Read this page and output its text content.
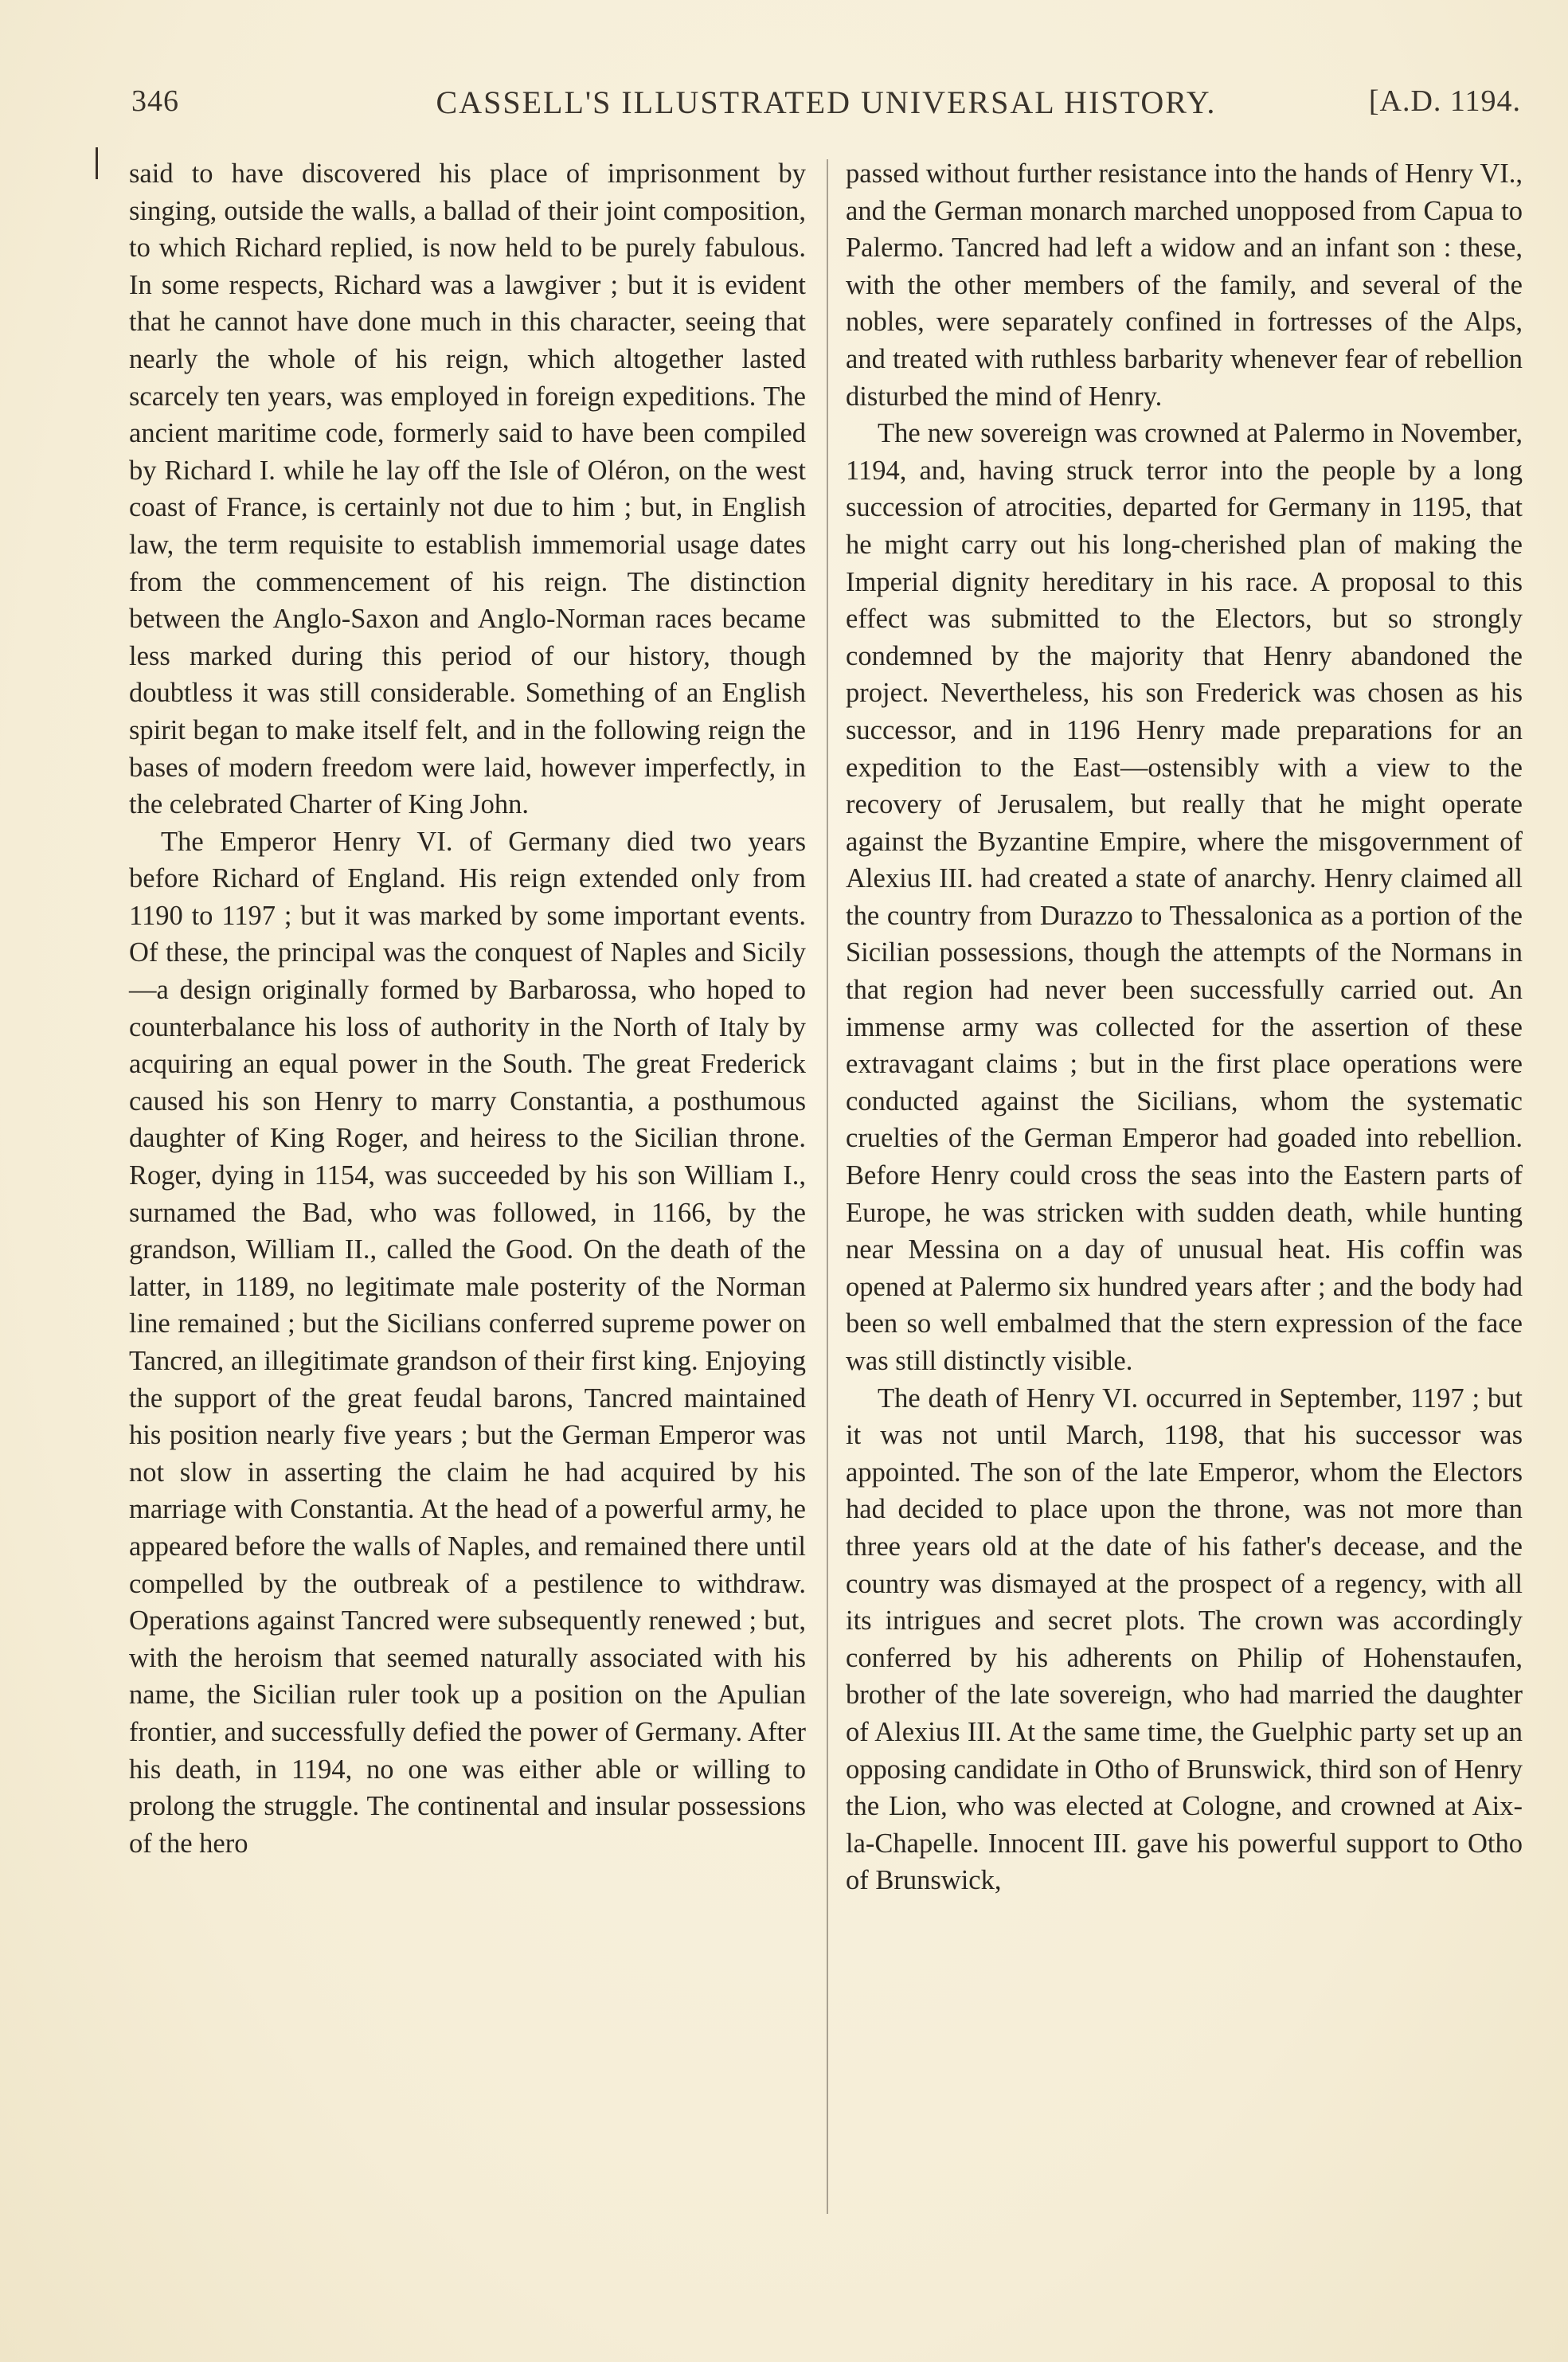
346	CASSELL'S ILLUSTRATED UNIVERSAL HISTORY.	[A.D. 1194.

said to have discovered his place of imprisonment by singing, outside the walls, a ballad of their joint composition, to which Richard replied, is now held to be purely fabulous. In some respects, Richard was a lawgiver ; but it is evident that he cannot have done much in this character, seeing that nearly the whole of his reign, which altogether lasted scarcely ten years, was employed in foreign expeditions. The ancient maritime code, formerly said to have been compiled by Richard I. while he lay off the Isle of Oléron, on the west coast of France, is certainly not due to him ; but, in English law, the term requisite to establish immemorial usage dates from the commencement of his reign. The distinction between the Anglo-Saxon and Anglo-Norman races became less marked during this period of our history, though doubtless it was still considerable. Something of an English spirit began to make itself felt, and in the following reign the bases of modern freedom were laid, however imperfectly, in the celebrated Charter of King John.

The Emperor Henry VI. of Germany died two years before Richard of England. His reign extended only from 1190 to 1197 ; but it was marked by some important events. Of these, the principal was the conquest of Naples and Sicily—a design originally formed by Barbarossa, who hoped to counterbalance his loss of authority in the North of Italy by acquiring an equal power in the South. The great Frederick caused his son Henry to marry Constantia, a posthumous daughter of King Roger, and heiress to the Sicilian throne. Roger, dying in 1154, was succeeded by his son William I., surnamed the Bad, who was followed, in 1166, by the grandson, William II., called the Good. On the death of the latter, in 1189, no legitimate male posterity of the Norman line remained ; but the Sicilians conferred supreme power on Tancred, an illegitimate grandson of their first king. Enjoying the support of the great feudal barons, Tancred maintained his position nearly five years ; but the German Emperor was not slow in asserting the claim he had acquired by his marriage with Constantia. At the head of a powerful army, he appeared before the walls of Naples, and remained there until compelled by the outbreak of a pestilence to withdraw. Operations against Tancred were subsequently renewed ; but, with the heroism that seemed naturally associated with his name, the Sicilian ruler took up a position on the Apulian frontier, and successfully defied the power of Germany. After his death, in 1194, no one was either able or willing to prolong the struggle. The continental and insular possessions of the hero

passed without further resistance into the hands of Henry VI., and the German monarch marched unopposed from Capua to Palermo. Tancred had left a widow and an infant son : these, with the other members of the family, and several of the nobles, were separately confined in fortresses of the Alps, and treated with ruthless barbarity whenever fear of rebellion disturbed the mind of Henry.

The new sovereign was crowned at Palermo in November, 1194, and, having struck terror into the people by a long succession of atrocities, departed for Germany in 1195, that he might carry out his long-cherished plan of making the Imperial dignity hereditary in his race. A proposal to this effect was submitted to the Electors, but so strongly condemned by the majority that Henry abandoned the project. Nevertheless, his son Frederick was chosen as his successor, and in 1196 Henry made preparations for an expedition to the East—ostensibly with a view to the recovery of Jerusalem, but really that he might operate against the Byzantine Empire, where the misgovernment of Alexius III. had created a state of anarchy. Henry claimed all the country from Durazzo to Thessalonica as a portion of the Sicilian possessions, though the attempts of the Normans in that region had never been successfully carried out. An immense army was collected for the assertion of these extravagant claims ; but in the first place operations were conducted against the Sicilians, whom the systematic cruelties of the German Emperor had goaded into rebellion. Before Henry could cross the seas into the Eastern parts of Europe, he was stricken with sudden death, while hunting near Messina on a day of unusual heat. His coffin was opened at Palermo six hundred years after ; and the body had been so well embalmed that the stern expression of the face was still distinctly visible.

The death of Henry VI. occurred in September, 1197 ; but it was not until March, 1198, that his successor was appointed. The son of the late Emperor, whom the Electors had decided to place upon the throne, was not more than three years old at the date of his father's decease, and the country was dismayed at the prospect of a regency, with all its intrigues and secret plots. The crown was accordingly conferred by his adherents on Philip of Hohenstaufen, brother of the late sovereign, who had married the daughter of Alexius III. At the same time, the Guelphic party set up an opposing candidate in Otho of Brunswick, third son of Henry the Lion, who was elected at Cologne, and crowned at Aix-la-Chapelle. Innocent III. gave his powerful support to Otho of Brunswick,
